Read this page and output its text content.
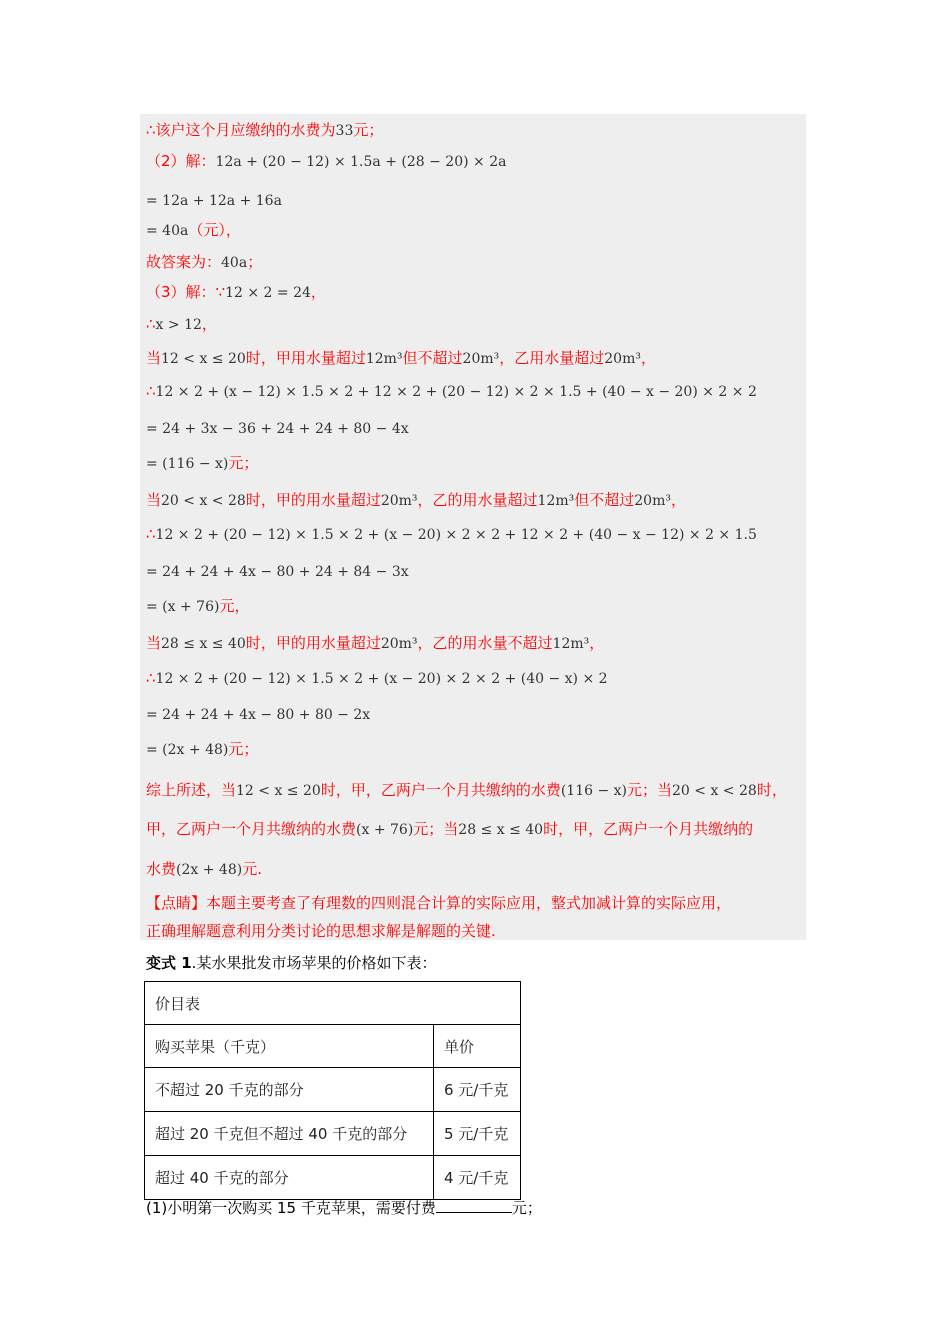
∴该户这个月应缴纳的水费为33元；
（2）解：12a + (20 − 12) × 1.5a + (28 − 20) × 2a
= 12a + 12a + 16a
= 40a（元），
故答案为：40a；
（3）解：∵12 × 2 = 24，
∴x > 12，
当12 < x ≤ 20时，甲用水量超过12m³但不超过20m³，乙用水量超过20m³，
∴12 × 2 + (x − 12) × 1.5 × 2 + 12 × 2 + (20 − 12) × 2 × 1.5 + (40 − x − 20) × 2 × 2
= 24 + 3x − 36 + 24 + 24 + 80 − 4x
= (116 − x)元；
当20 < x < 28时，甲的用水量超过20m³，乙的用水量超过12m³但不超过20m³，
∴12 × 2 + (20 − 12) × 1.5 × 2 + (x − 20) × 2 × 2 + 12 × 2 + (40 − x − 12) × 2 × 1.5
= 24 + 24 + 4x − 80 + 24 + 84 − 3x
= (x + 76)元，
当28 ≤ x ≤ 40时，甲的用水量超过20m³，乙的用水量不超过12m³，
∴12 × 2 + (20 − 12) × 1.5 × 2 + (x − 20) × 2 × 2 + (40 − x) × 2
= 24 + 24 + 4x − 80 + 80 − 2x
= (2x + 48)元；
综上所述，当12 < x ≤ 20时，甲，乙两户一个月共缴纳的水费(116 − x)元；当20 < x < 28时，
甲，乙两户一个月共缴纳的水费(x + 76)元；当28 ≤ x ≤ 40时，甲，乙两户一个月共缴纳的
水费(2x + 48)元.
【点睛】本题主要考查了有理数的四则混合计算的实际应用，整式加减计算的实际应用，
正确理解题意利用分类讨论的思想求解是解题的关键.
变式 1.某水果批发市场苹果的价格如下表：
价目表	
购买苹果（千克）	单价
不超过 20 千克的部分	6 元/千克
超过 20 千克但不超过 40 千克的部分	5 元/千克
超过 40 千克的部分	4 元/千克
(1)小明第一次购买 15 千克苹果，需要付费	元；
